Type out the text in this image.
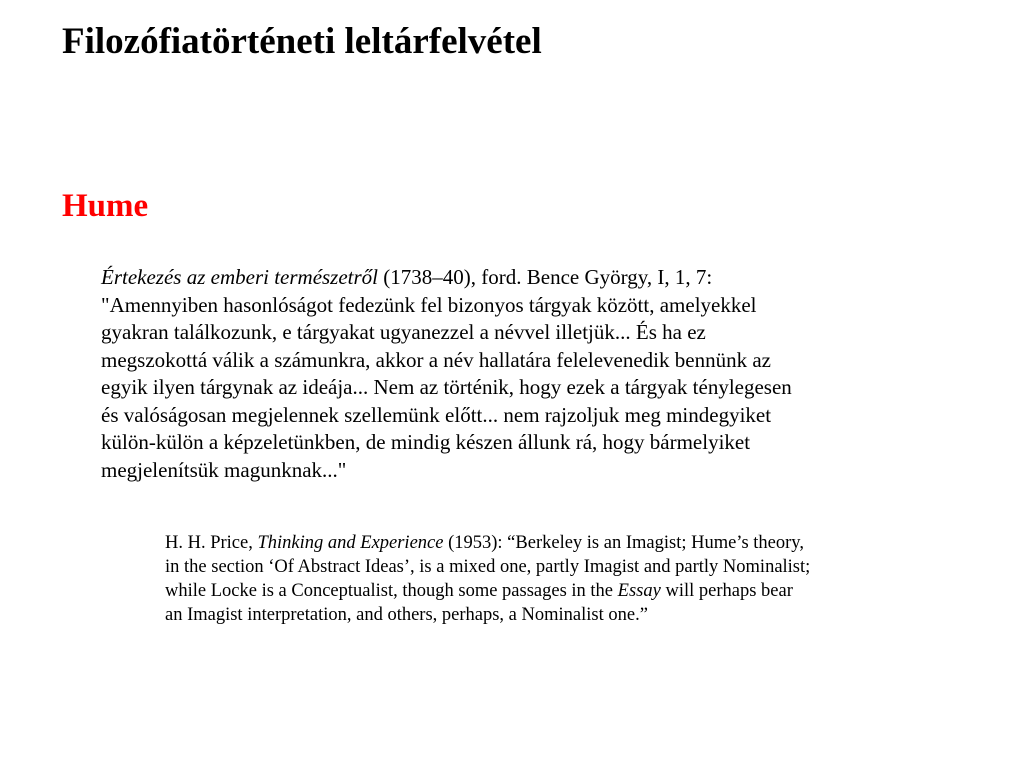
Filozófiatörténeti leltárfelvétel
Hume

Értekezés az emberi természetről (1738–40), ford. Bence György, I, 1, 7:
"Amennyiben hasonlóságot fedezünk fel bizonyos tárgyak között, amelyekkel
gyakran találkozunk, e tárgyakat ugyanezzel a névvel illetjük... És ha ez
megszokottá válik a számunkra, akkor a név hallatára felelevenedik bennünk az
egyik ilyen tárgynak az ideája... Nem az történik, hogy ezek a tárgyak ténylegesen
és valóságosan megjelennek szellemünk előtt... nem rajzoljuk meg mindegyiket
külön-külön a képzeletünkben, de mindig készen állunk rá, hogy bármelyiket
megjelenítsük magunknak..."

H. H. Price, Thinking and Experience (1953): “Berkeley is an Imagist; Hume’s theory,
in the section ‘Of Abstract Ideas’, is a mixed one, partly Imagist and partly Nominalist;
while Locke is a Conceptualist, though some passages in the Essay will perhaps bear
an Imagist interpretation, and others, perhaps, a Nominalist one.”
